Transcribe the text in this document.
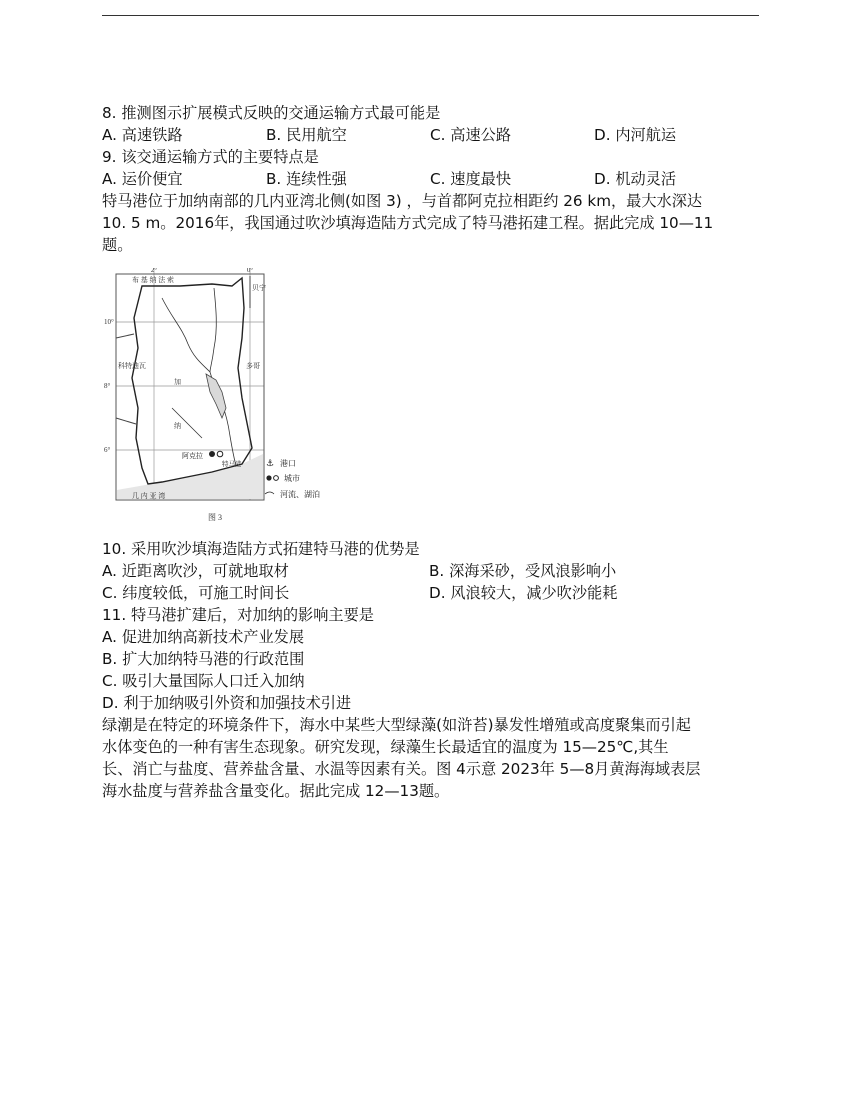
8. 推测图示扩展模式反映的交通运输方式最可能是
A. 高速铁路	B. 民用航空	C. 高速公路	D. 内河航运
9. 该交通运输方式的主要特点是
A. 运价便宜	B. 连续性强	C. 速度最快	D. 机动灵活
特马港位于加纳南部的几内亚湾北侧(如图 3) ，与首都阿克拉相距约 26 km，最大水深达
10. 5 m。2016年，我国通过吹沙填海造陆方式完成了特马港拓建工程。据此完成 10—11
题。
2°	0°
10°
8°
6°
布 基 纳 法 索
贝宁
科特迪瓦	多哥
加
纳
几 内 亚 湾
阿克拉
特马港	⚓ 港口
城市
河流、湖泊
图 3
10. 采用吹沙填海造陆方式拓建特马港的优势是
A. 近距离吹沙，可就地取材	B. 深海采砂，受风浪影响小
C. 纬度较低，可施工时间长	D. 风浪较大，减少吹沙能耗
11. 特马港扩建后，对加纳的影响主要是
A. 促进加纳高新技术产业发展
B. 扩大加纳特马港的行政范围
C. 吸引大量国际人口迁入加纳
D. 利于加纳吸引外资和加强技术引进
绿潮是在特定的环境条件下，海水中某些大型绿藻(如浒苔)暴发性增殖或高度聚集而引起
水体变色的一种有害生态现象。研究发现，绿藻生长最适宜的温度为 15—25℃,其生
长、消亡与盐度、营养盐含量、水温等因素有关。图 4示意 2023年 5—8月黄海海域表层
海水盐度与营养盐含量变化。据此完成 12—13题。
